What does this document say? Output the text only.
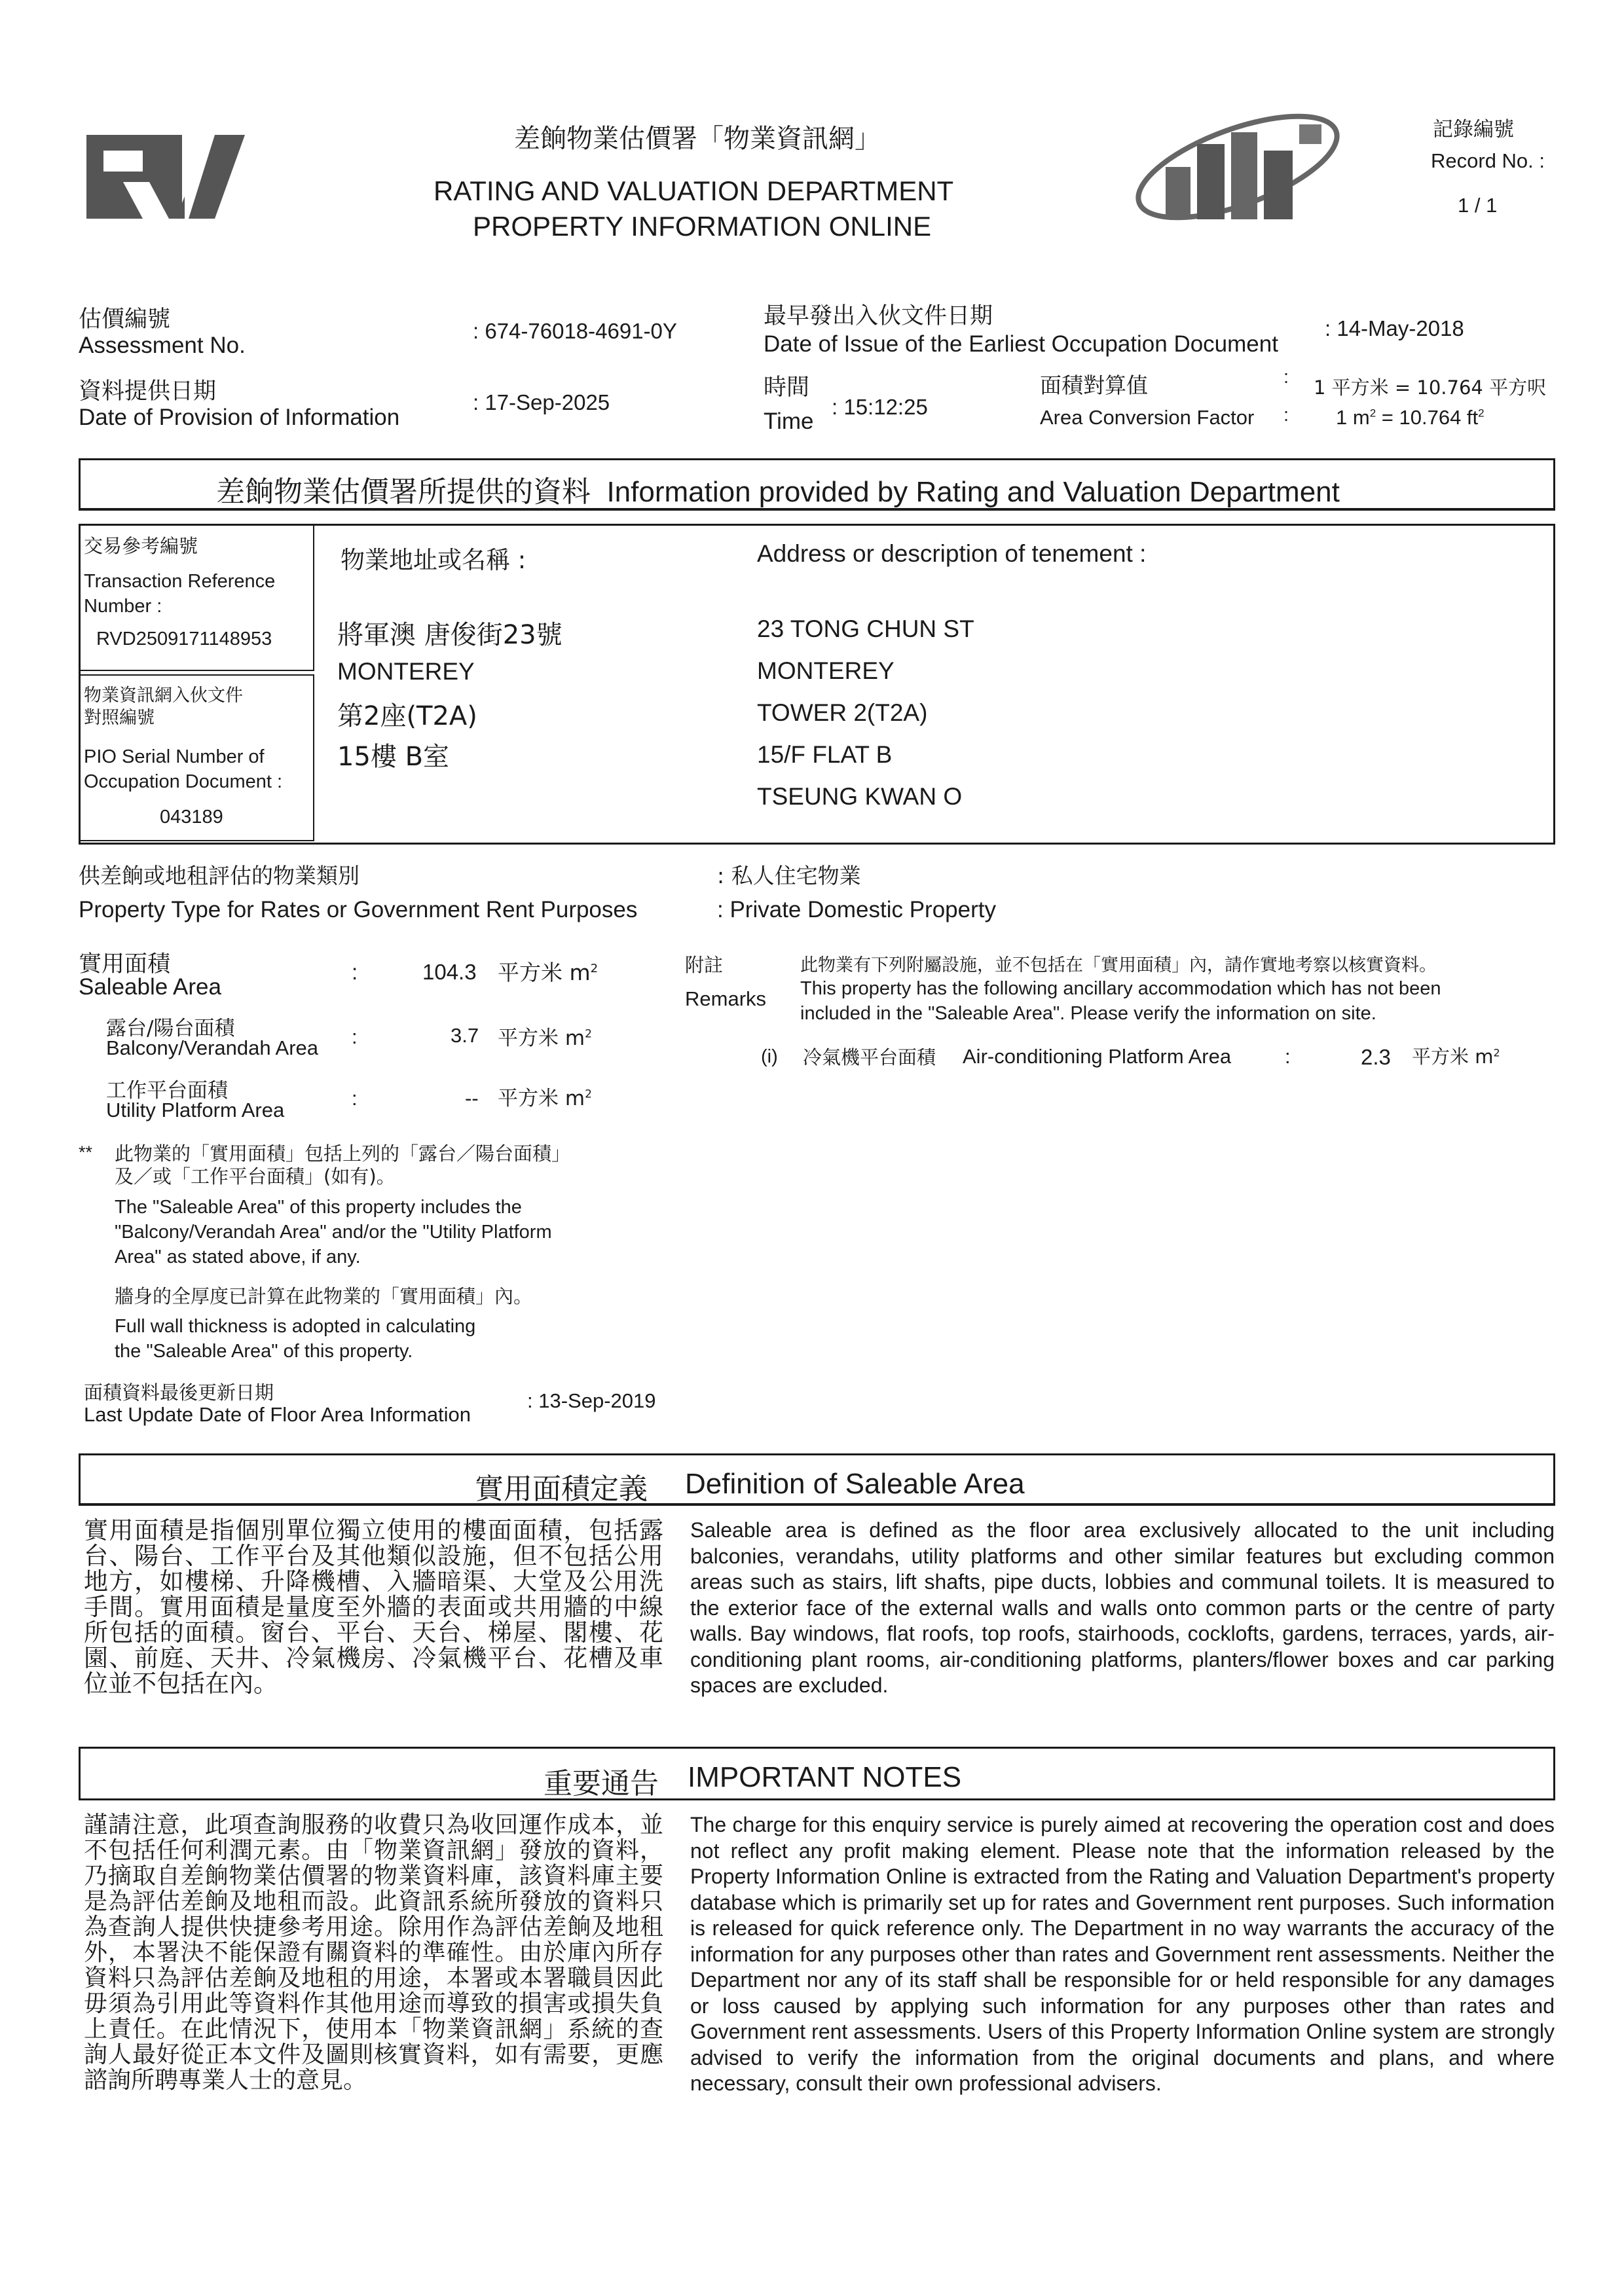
差餉物業估價署「物業資訊網」
RATING AND VALUATION DEPARTMENT
PROPERTY INFORMATION ONLINE
記錄編號
Record No. :
1 / 1
估價編號
Assessment No.
: 674-76018-4691-0Y
資料提供日期
Date of Provision of Information
: 17-Sep-2025
最早發出入伙文件日期
Date of Issue of the Earliest Occupation Document
: 14-May-2018
時間
Time
: 15:12:25
面積對算值
Area Conversion Factor
:
:
1 平方米 = 10.764 平方呎
1 $m^2 = 10.764$ $ft^2$
差餉物業估價署所提供的資料 Information provided by Rating and Valuation Department
交易參考編號
Transaction Reference
Number :
RVD2509171148953
物業資訊網入伙文件
對照編號
PIO Serial Number of
Occupation Document :
043189
物業地址或名稱 :	Address or description of tenement :
將軍澳 唐俊街23號
MONTEREY
第2座(T2A)
15樓 B室
23 TONG CHUN ST
MONTEREY
TOWER 2(T2A)
15/F FLAT B
TSEUNG KWAN O
供差餉或地租評估的物業類別
Property Type for Rates or Government Rent Purposes
: 私人住宅物業
: Private Domestic Property
實用面積
Saleable Area
:	104.3 平方米 $m^2$
露台/陽台面積
Balcony/Verandah Area :	3.7 平方米 $m^2$
工作平台面積
Utility Platform Area
:	-- 平方米 $m^2$
** 此物業的「實用面積」包括上列的「露台／陽台面積」
及／或「工作平台面積」(如有)。
The "Saleable Area" of this property includes the
"Balcony/Verandah Area" and/or the "Utility Platform
Area" as stated above, if any.
牆身的全厚度已計算在此物業的「實用面積」內。
Full wall thickness is adopted in calculating
the "Saleable Area" of this property.
面積資料最後更新日期
Last Update Date of Floor Area Information
: 13-Sep-2019
附註
Remarks
此物業有下列附屬設施，並不包括在「實用面積」內，請作實地考察以核實資料。
This property has the following ancillary accommodation which has not been
included in the "Saleable Area". Please verify the information on site.
(i) 冷氣機平台面積 Air-conditioning Platform Area	:	2.3 平方米 $m^2$
實用面積定義 Definition of Saleable Area

實用面積是指個別單位獨立使用的樓面面積，包括露台、陽台、工作平台及其他類似設施，但不包括公用地方，如樓梯、升降機槽、入牆暗渠、大堂及公用洗手間。實用面積是量度至外牆的表面或共用牆的中線所包括的面積。窗台、平台、天台、梯屋、閣樓、花園、前庭、天井、冷氣機房、冷氣機平台、花槽及車位並不包括在內。

Saleable area is defined as the floor area exclusively allocated to the unit including balconies, verandahs, utility platforms and other similar features but excluding common areas such as stairs, lift shafts, pipe ducts, lobbies and communal toilets. It is measured to the exterior face of the external walls and walls onto common parts or the centre of party walls. Bay windows, flat roofs, top roofs, stairhoods, cocklofts, gardens, terraces, yards, air-conditioning plant rooms, air-conditioning platforms, planters/flower boxes and car parking spaces are excluded.

重要通告 IMPORTANT NOTES

謹請注意，此項查詢服務的收費只為收回運作成本，並不包括任何利潤元素。由「物業資訊網」發放的資料，乃摘取自差餉物業估價署的物業資料庫，該資料庫主要是為評估差餉及地租而設。此資訊系統所發放的資料只為查詢人提供快捷參考用途。除用作為評估差餉及地租外，本署決不能保證有關資料的準確性。由於庫內所存資料只為評估差餉及地租的用途，本署或本署職員因此毋須為引用此等資料作其他用途而導致的損害或損失負上責任。在此情況下，使用本「物業資訊網」系統的查詢人最好從正本文件及圖則核實資料，如有需要，更應諮詢所聘專業人士的意見。

The charge for this enquiry service is purely aimed at recovering the operation cost and does not reflect any profit making element. Please note that the information released by the Property Information Online is extracted from the Rating and Valuation Department's property database which is primarily set up for rates and Government rent purposes. Such information is released for quick reference only. The Department in no way warrants the accuracy of the information for any purposes other than rates and Government rent assessments. Neither the Department nor any of its staff shall be responsible for or held responsible for any damages or loss caused by applying such information for any purposes other than rates and Government rent assessments. Users of this Property Information Online system are strongly advised to verify the information from the original documents and plans, and where necessary, consult their own professional advisers.
